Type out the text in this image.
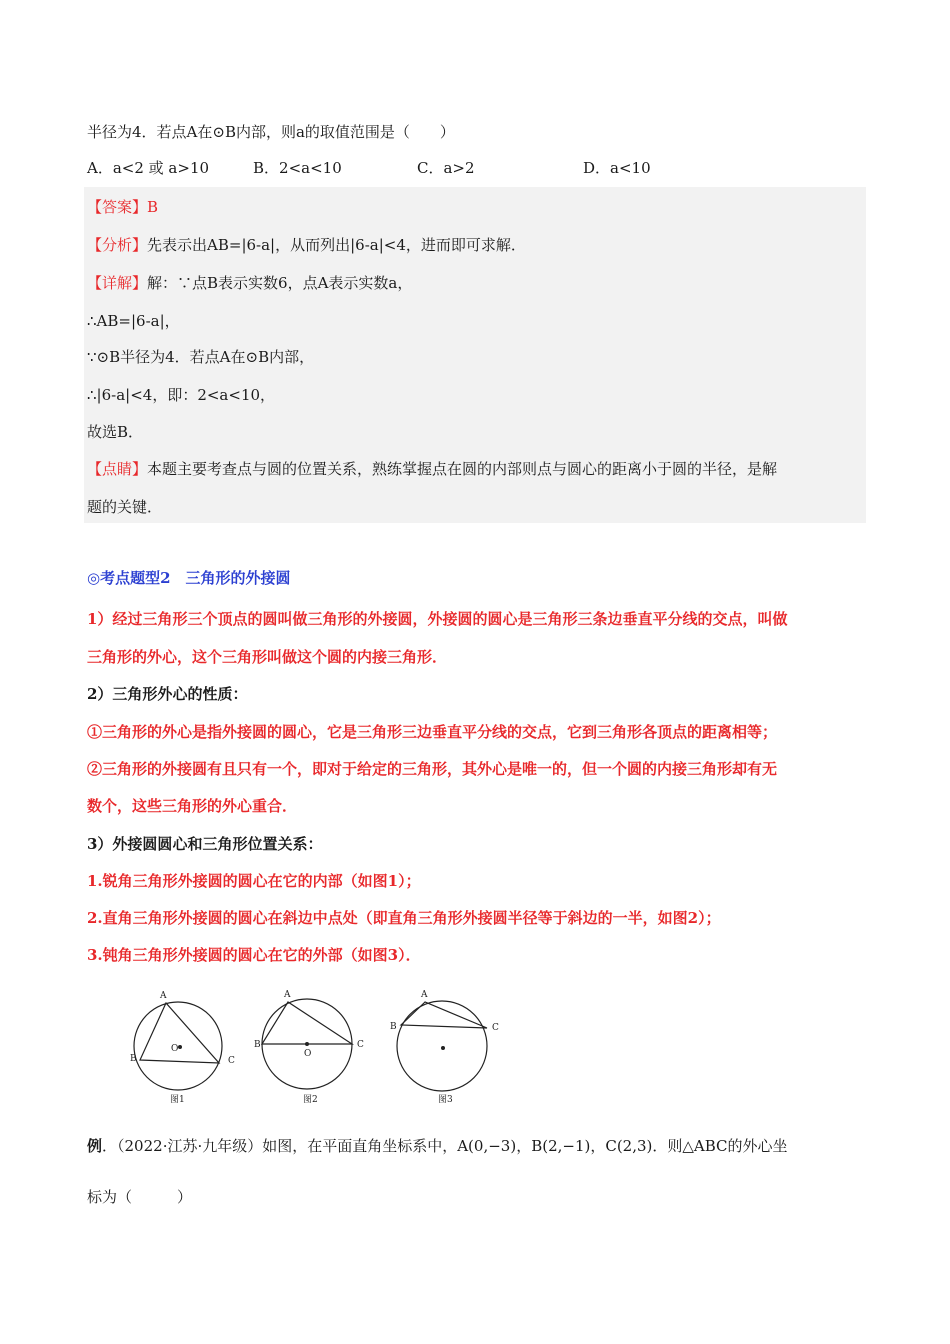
半径为4．若点A在⊙B内部，则a的取值范围是（　　）
A．a<2 或 a>10	B．2<a<10	C．a>2	D．a<10
【答案】B
【分析】先表示出AB=|6-a|，从而列出|6-a|<4，进而即可求解．
【详解】解：∵点B表示实数6，点A表示实数a，
∴AB=|6-a|，
∵⊙B半径为4．若点A在⊙B内部，
∴|6-a|<4，即：2<a<10，
故选B．
【点睛】本题主要考查点与圆的位置关系，熟练掌握点在圆的内部则点与圆心的距离小于圆的半径，是解
题的关键．
◎考点题型2　三角形的外接圆
1）经过三角形三个顶点的圆叫做三角形的外接圆，外接圆的圆心是三角形三条边垂直平分线的交点，叫做
三角形的外心，这个三角形叫做这个圆的内接三角形．
2）三角形外心的性质：
①三角形的外心是指外接圆的圆心，它是三角形三边垂直平分线的交点，它到三角形各顶点的距离相等；
②三角形的外接圆有且只有一个，即对于给定的三角形，其外心是唯一的，但一个圆的内接三角形却有无
数个，这些三角形的外心重合．
3）外接圆圆心和三角形位置关系：
1.锐角三角形外接圆的圆心在它的内部（如图1）；
2.直角三角形外接圆的圆心在斜边中点处（即直角三角形外接圆半径等于斜边的一半，如图2）；
3.钝角三角形外接圆的圆心在它的外部（如图3）．
A
B	C
O
图1
A
B	C
O
图2
A
B	C
图3
例．（2022·江苏·九年级）如图，在平面直角坐标系中，A(0,−3)，B(2,−1)，C(2,3)．则△ABC的外心坐
标为（　　　）
